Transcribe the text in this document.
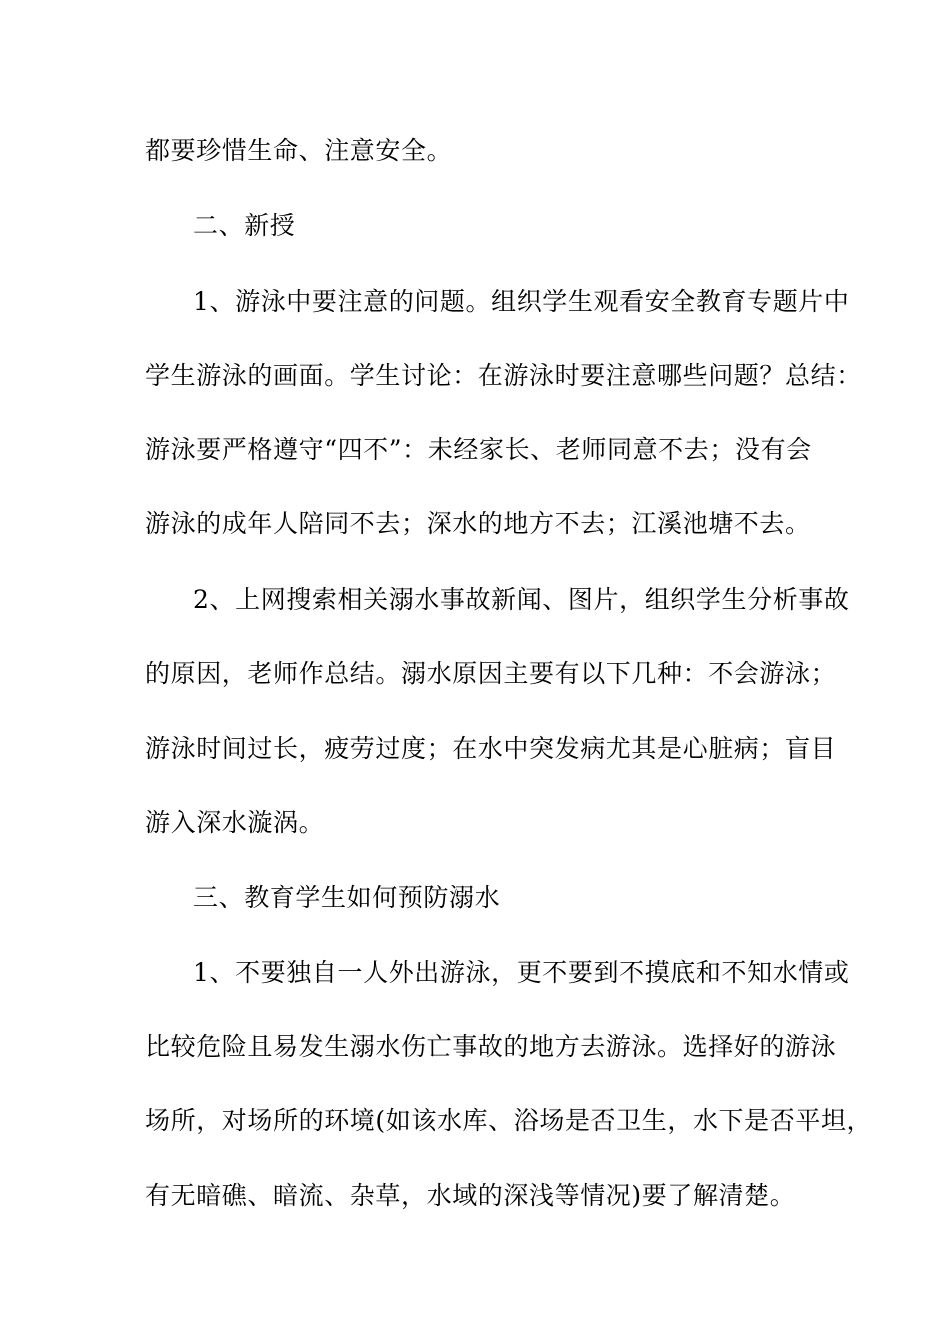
都要珍惜生命、注意安全。
二、新授
1、游泳中要注意的问题。组织学生观看安全教育专题片中
学生游泳的画面。学生讨论：在游泳时要注意哪些问题？总结：
游泳要严格遵守“四不”：未经家长、老师同意不去；没有会
游泳的成年人陪同不去；深水的地方不去；江溪池塘不去。
2、上网搜索相关溺水事故新闻、图片，组织学生分析事故
的原因，老师作总结。溺水原因主要有以下几种：不会游泳；
游泳时间过长，疲劳过度；在水中突发病尤其是心脏病；盲目
游入深水漩涡。
三、教育学生如何预防溺水
1、不要独自一人外出游泳，更不要到不摸底和不知水情或
比较危险且易发生溺水伤亡事故的地方去游泳。选择好的游泳
场所，对场所的环境(如该水库、浴场是否卫生，水下是否平坦，
有无暗礁、暗流、杂草，水域的深浅等情况)要了解清楚。
